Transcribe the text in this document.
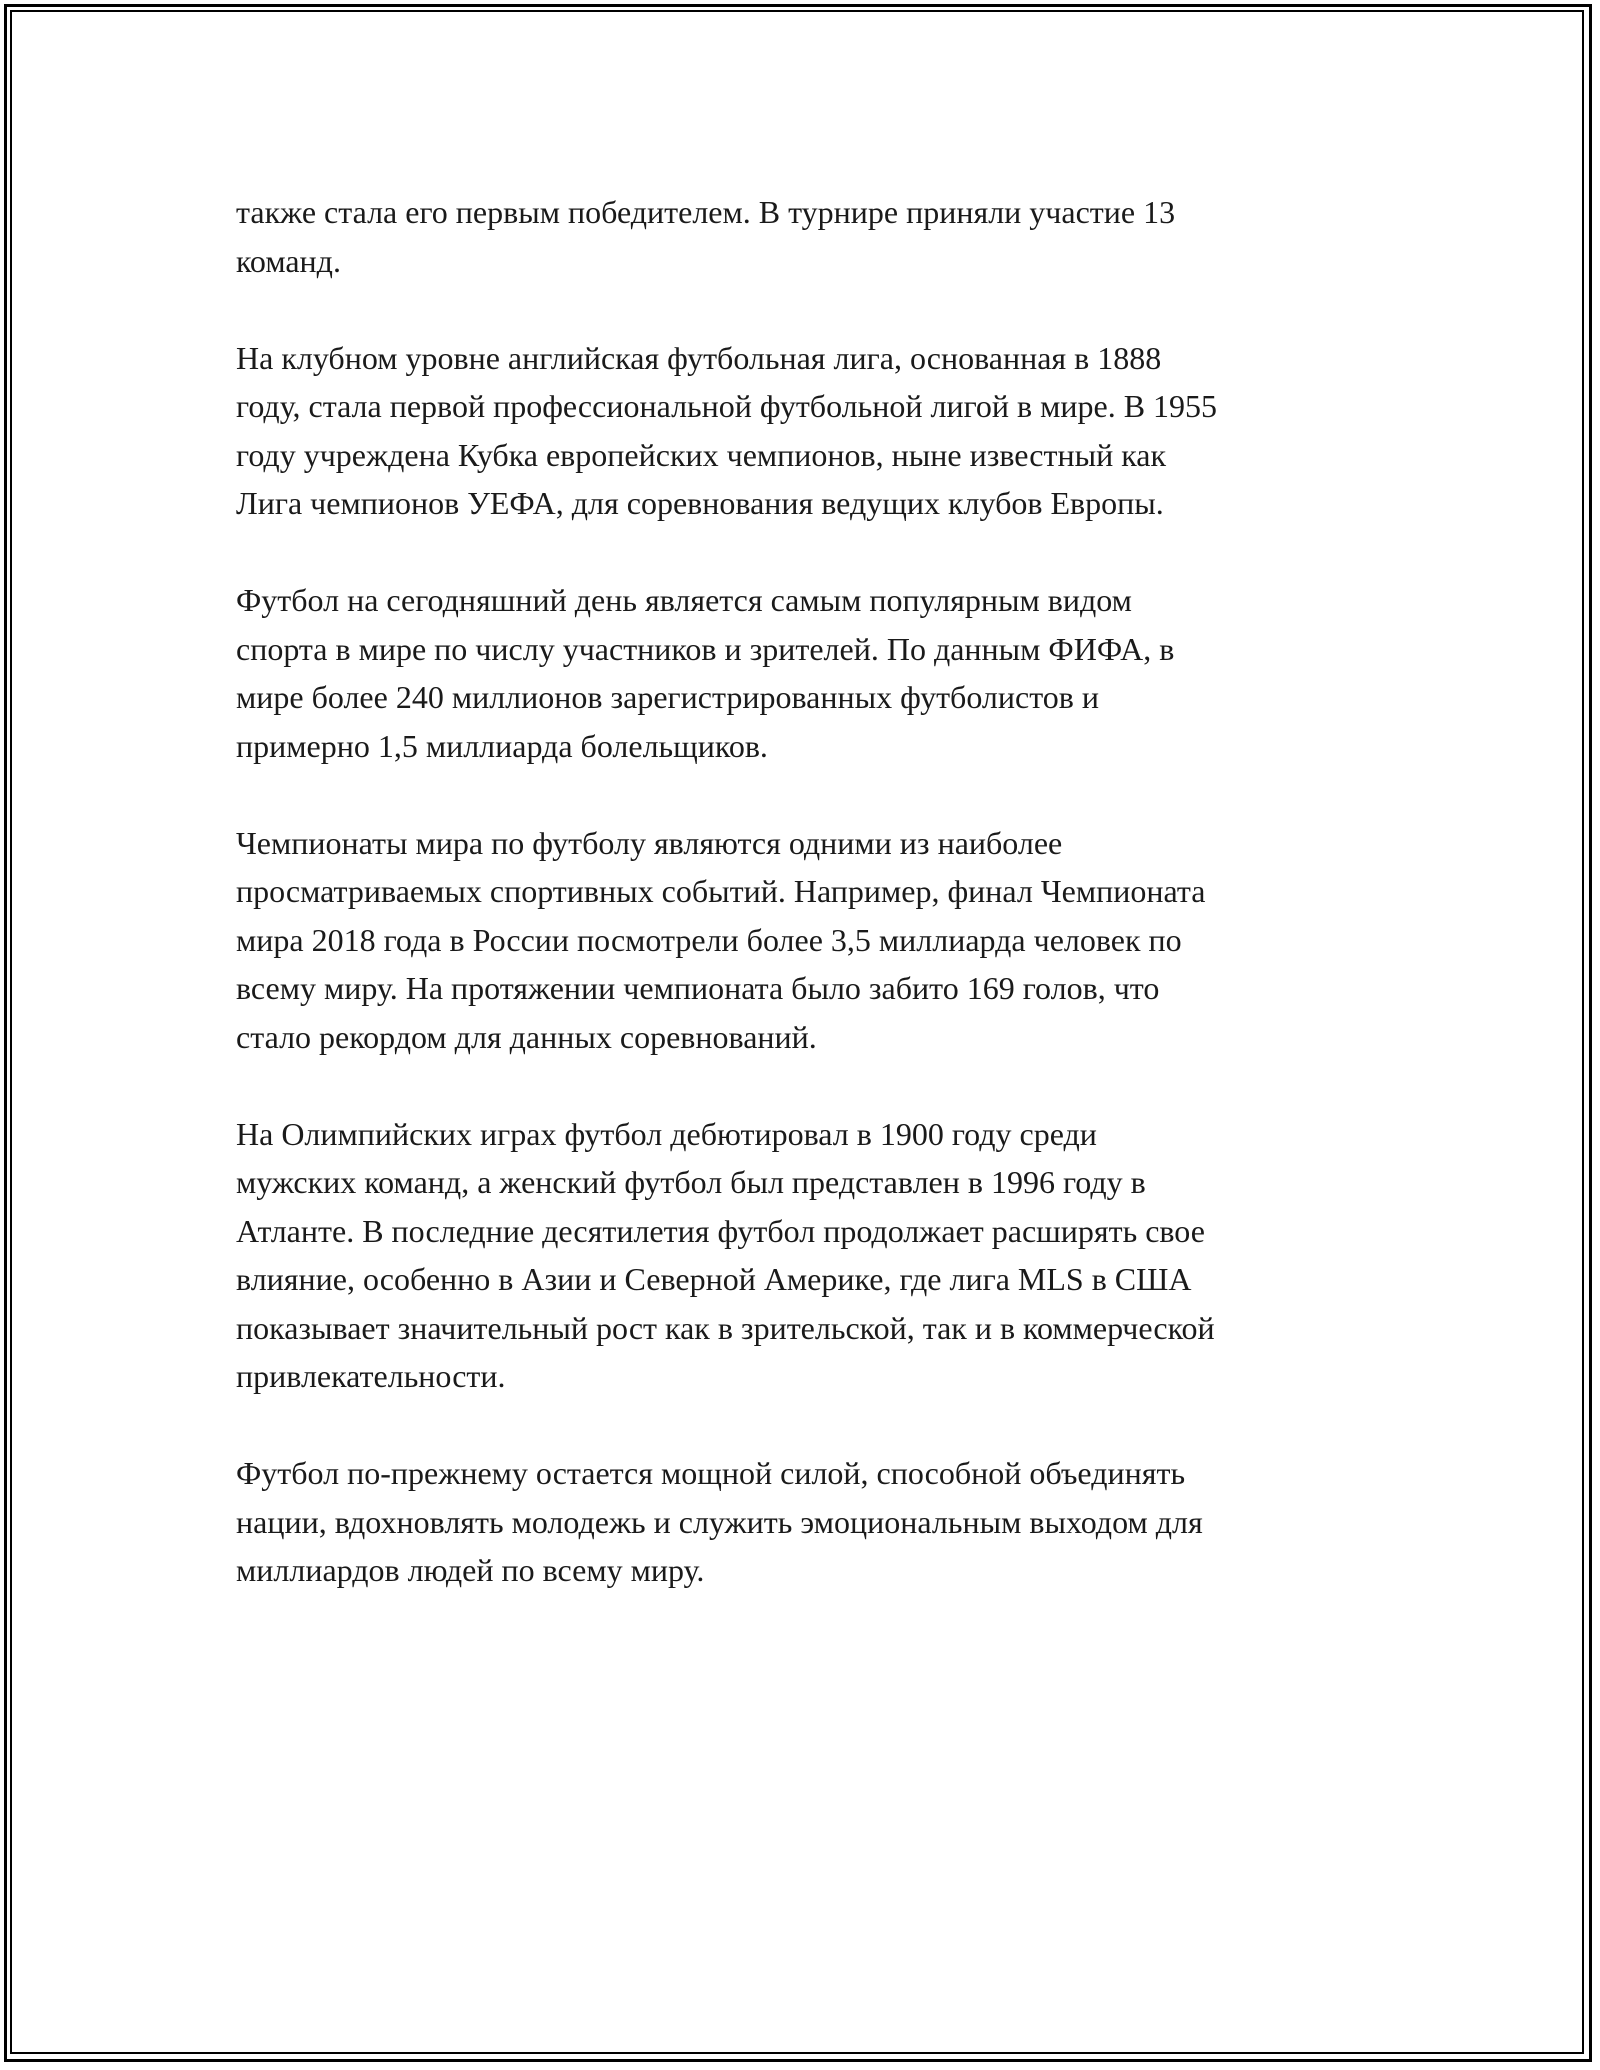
также стала его первым победителем. В турнире приняли участие 13
команд.

На клубном уровне английская футбольная лига, основанная в 1888
году, стала первой профессиональной футбольной лигой в мире. В 1955
году учреждена Кубка европейских чемпионов, ныне известный как
Лига чемпионов УЕФА, для соревнования ведущих клубов Европы.

Футбол на сегодняшний день является самым популярным видом
спорта в мире по числу участников и зрителей. По данным ФИФА, в
мире более 240 миллионов зарегистрированных футболистов и
примерно 1,5 миллиарда болельщиков.

Чемпионаты мира по футболу являются одними из наиболее
просматриваемых спортивных событий. Например, финал Чемпионата
мира 2018 года в России посмотрели более 3,5 миллиарда человек по
всему миру. На протяжении чемпионата было забито 169 голов, что
стало рекордом для данных соревнований.

На Олимпийских играх футбол дебютировал в 1900 году среди
мужских команд, а женский футбол был представлен в 1996 году в
Атланте. В последние десятилетия футбол продолжает расширять свое
влияние, особенно в Азии и Северной Америке, где лига MLS в США
показывает значительный рост как в зрительской, так и в коммерческой
привлекательности.

Футбол по-прежнему остается мощной силой, способной объединять
нации, вдохновлять молодежь и служить эмоциональным выходом для
миллиардов людей по всему миру.
